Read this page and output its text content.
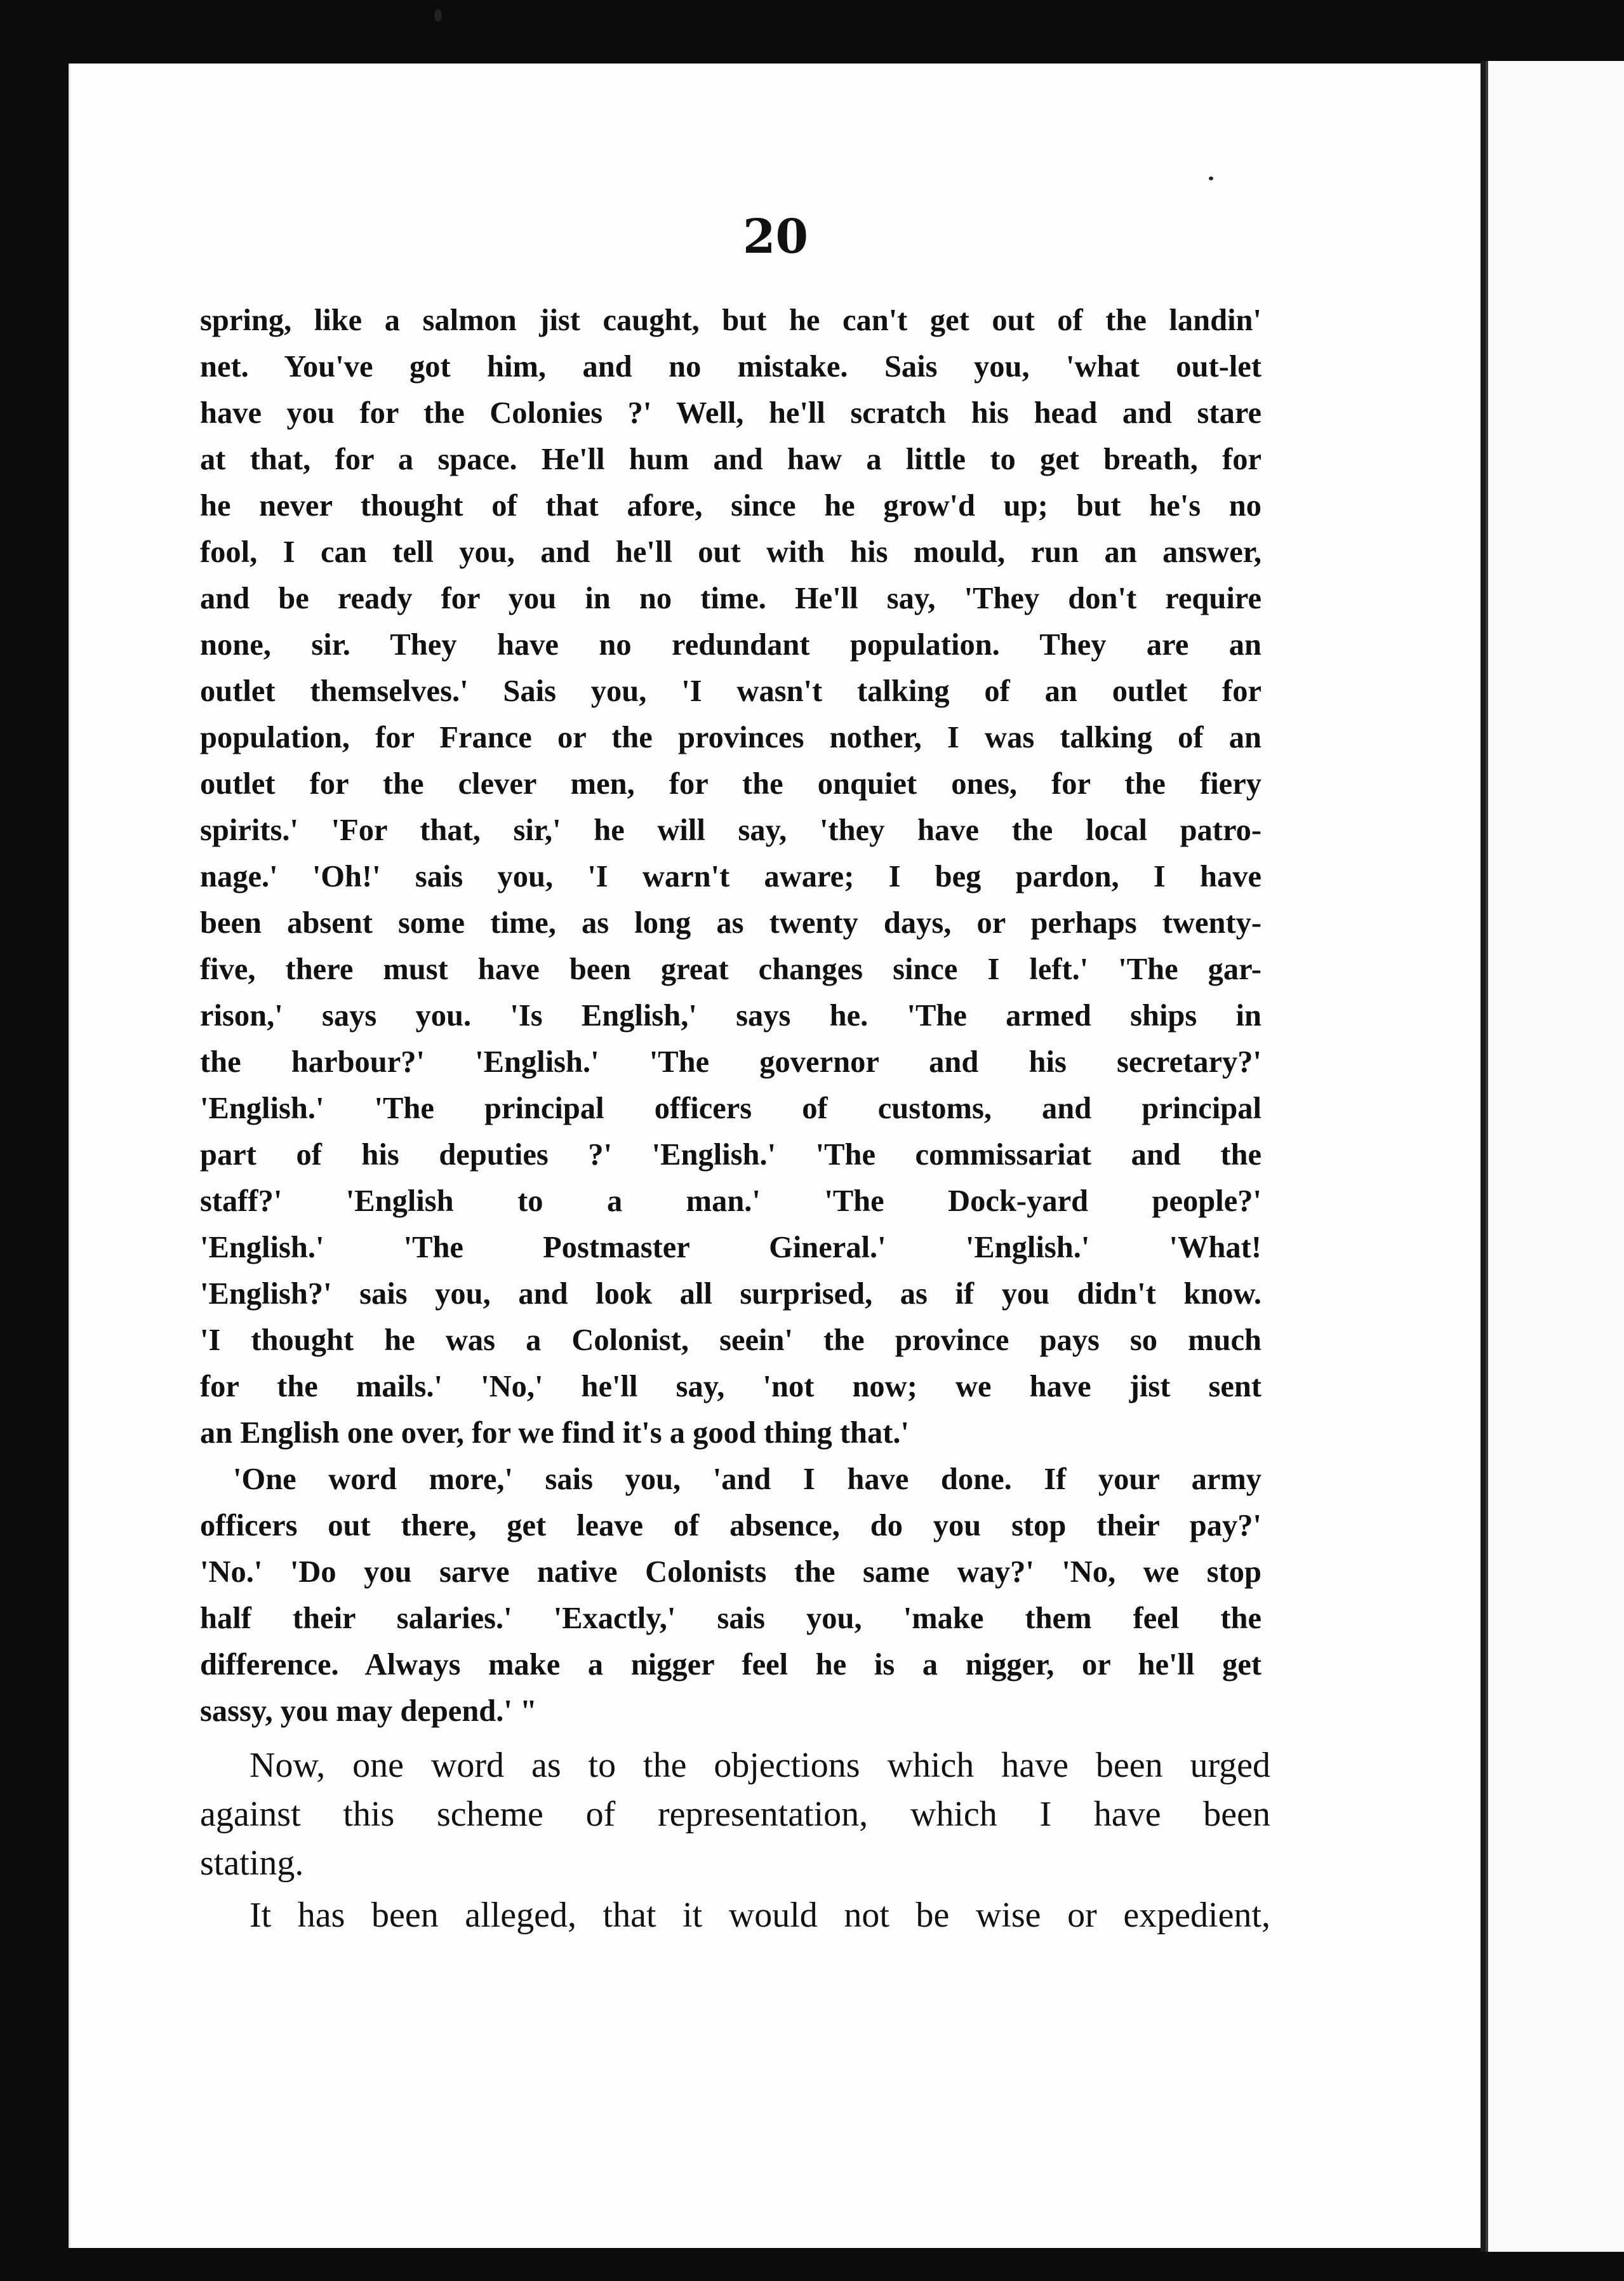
20
spring, like a salmon jist caught, but he can't get out of the landin'
net. You've got him, and no mistake. Sais you, 'what out-let
have you for the Colonies ?' Well, he'll scratch his head and stare
at that, for a space. He'll hum and haw a little to get breath, for
he never thought of that afore, since he grow'd up; but he's no
fool, I can tell you, and he'll out with his mould, run an answer,
and be ready for you in no time. He'll say, 'They don't require
none, sir. They have no redundant population. They are an
outlet themselves.' Sais you, 'I wasn't talking of an outlet for
population, for France or the provinces nother, I was talking of an
outlet for the clever men, for the onquiet ones, for the fiery
spirits.' 'For that, sir,' he will say, 'they have the local patro-
nage.' 'Oh!' sais you, 'I warn't aware; I beg pardon, I have
been absent some time, as long as twenty days, or perhaps twenty-
five, there must have been great changes since I left.' 'The gar-
rison,' says you. 'Is English,' says he. 'The armed ships in
the harbour?' 'English.' 'The governor and his secretary?'
'English.' 'The principal officers of customs, and principal
part of his deputies ?' 'English.' 'The commissariat and the
staff?' 'English to a man.' 'The Dock-yard people?'
'English.' 'The Postmaster Gineral.' 'English.' 'What!
'English?' sais you, and look all surprised, as if you didn't know.
'I thought he was a Colonist, seein' the province pays so much
for the mails.' 'No,' he'll say, 'not now; we have jist sent
an English one over, for we find it's a good thing that.'
'One word more,' sais you, 'and I have done. If your army
officers out there, get leave of absence, do you stop their pay?'
'No.' 'Do you sarve native Colonists the same way?' 'No, we stop
half their salaries.' 'Exactly,' sais you, 'make them feel the
difference. Always make a nigger feel he is a nigger, or he'll get
sassy, you may depend.' "
Now, one word as to the objections which have been urged
against this scheme of representation, which I have been
stating.
It has been alleged, that it would not be wise or expedient,
